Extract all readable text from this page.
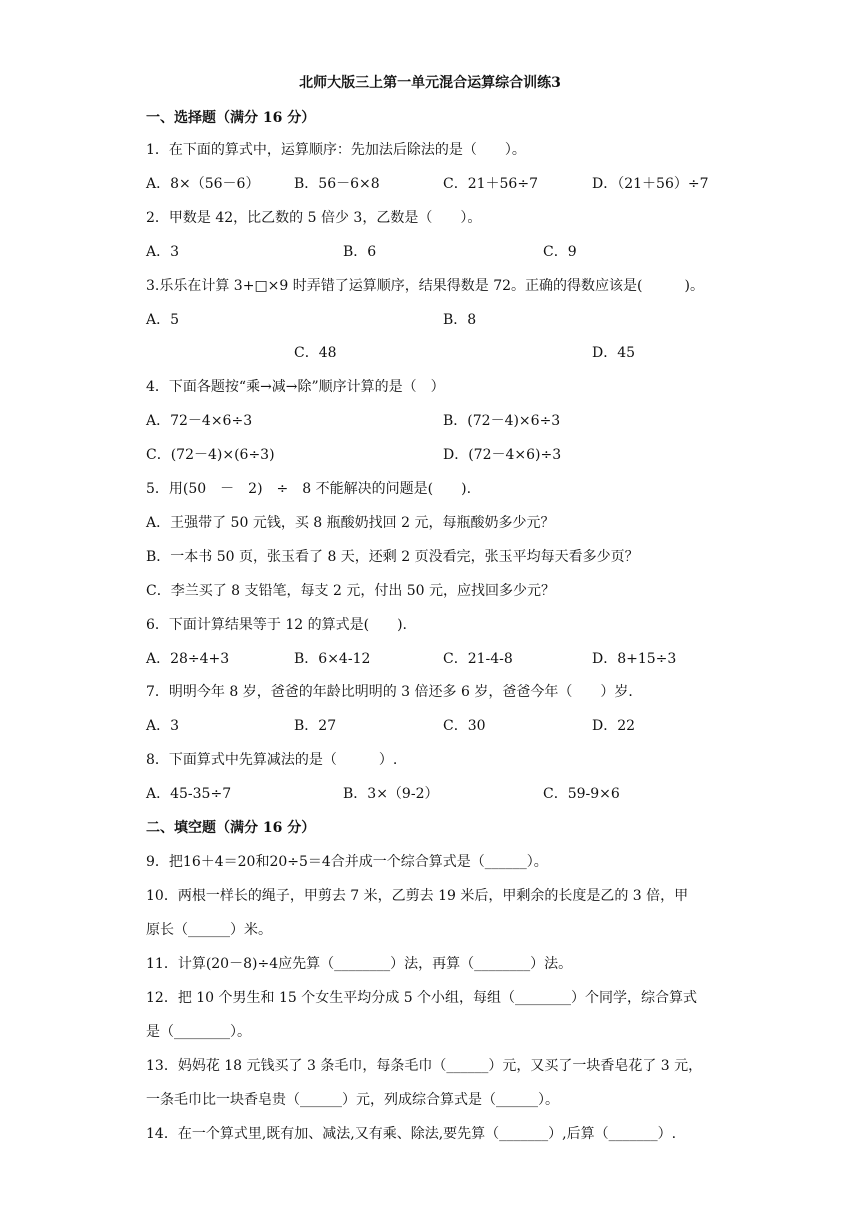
北师大版三上第一单元混合运算综合训练3
一、选择题（满分 16 分）
1．在下面的算式中，运算顺序：先加法后除法的是（　　）。
A．8×（56－6） B．56－6×8	C．21＋56÷7	D．（21＋56）÷7
2．甲数是 42，比乙数的 5 倍少 3，乙数是（　　）。
A．3	B．6	C．9
3.乐乐在计算 3+□×9 时弄错了运算顺序，结果得数是 72。正确的得数应该是(　　　)。
A．5	B．8
C．48	D．45
4．下面各题按“乘→减→除”顺序计算的是（　）
A．72－4×6÷3	B．(72－4)×6÷3
C．(72－4)×(6÷3)	D．(72－4×6)÷3
5．用(50　－　2)　÷　8 不能解决的问题是(　　).
A．王强带了 50 元钱，买 8 瓶酸奶找回 2 元，每瓶酸奶多少元？
B．一本书 50 页，张玉看了 8 天，还剩 2 页没看完，张玉平均每天看多少页？
C．李兰买了 8 支铅笔，每支 2 元，付出 50 元，应找回多少元？
6．下面计算结果等于 12 的算式是(　　).
A．28÷4+3	B．6×4-12	C．21-4-8	D．8+15÷3
7．明明今年 8 岁，爸爸的年龄比明明的 3 倍还多 6 岁，爸爸今年（　　）岁．
A．3	B．27	C．30	D．22
8．下面算式中先算减法的是（　　　）.
A．45-35÷7	B．3×（9-2）	C．59-9×6
二、填空题（满分 16 分）
9．把16＋4＝20和20÷5＝4合并成一个综合算式是（______）。
10．两根一样长的绳子，甲剪去 7 米，乙剪去 19 米后，甲剩余的长度是乙的 3 倍，甲
原长（______）米。
11．计算(20－8)÷4应先算（________）法，再算（________）法。
12．把 10 个男生和 15 个女生平均分成 5 个小组，每组（________）个同学，综合算式
是（________）。
13．妈妈花 18 元钱买了 3 条毛巾，每条毛巾（______）元，又买了一块香皂花了 3 元，
一条毛巾比一块香皂贵（______）元，列成综合算式是（______）。
14．在一个算式里,既有加、减法,又有乘、除法,要先算（_______）,后算（_______）.
